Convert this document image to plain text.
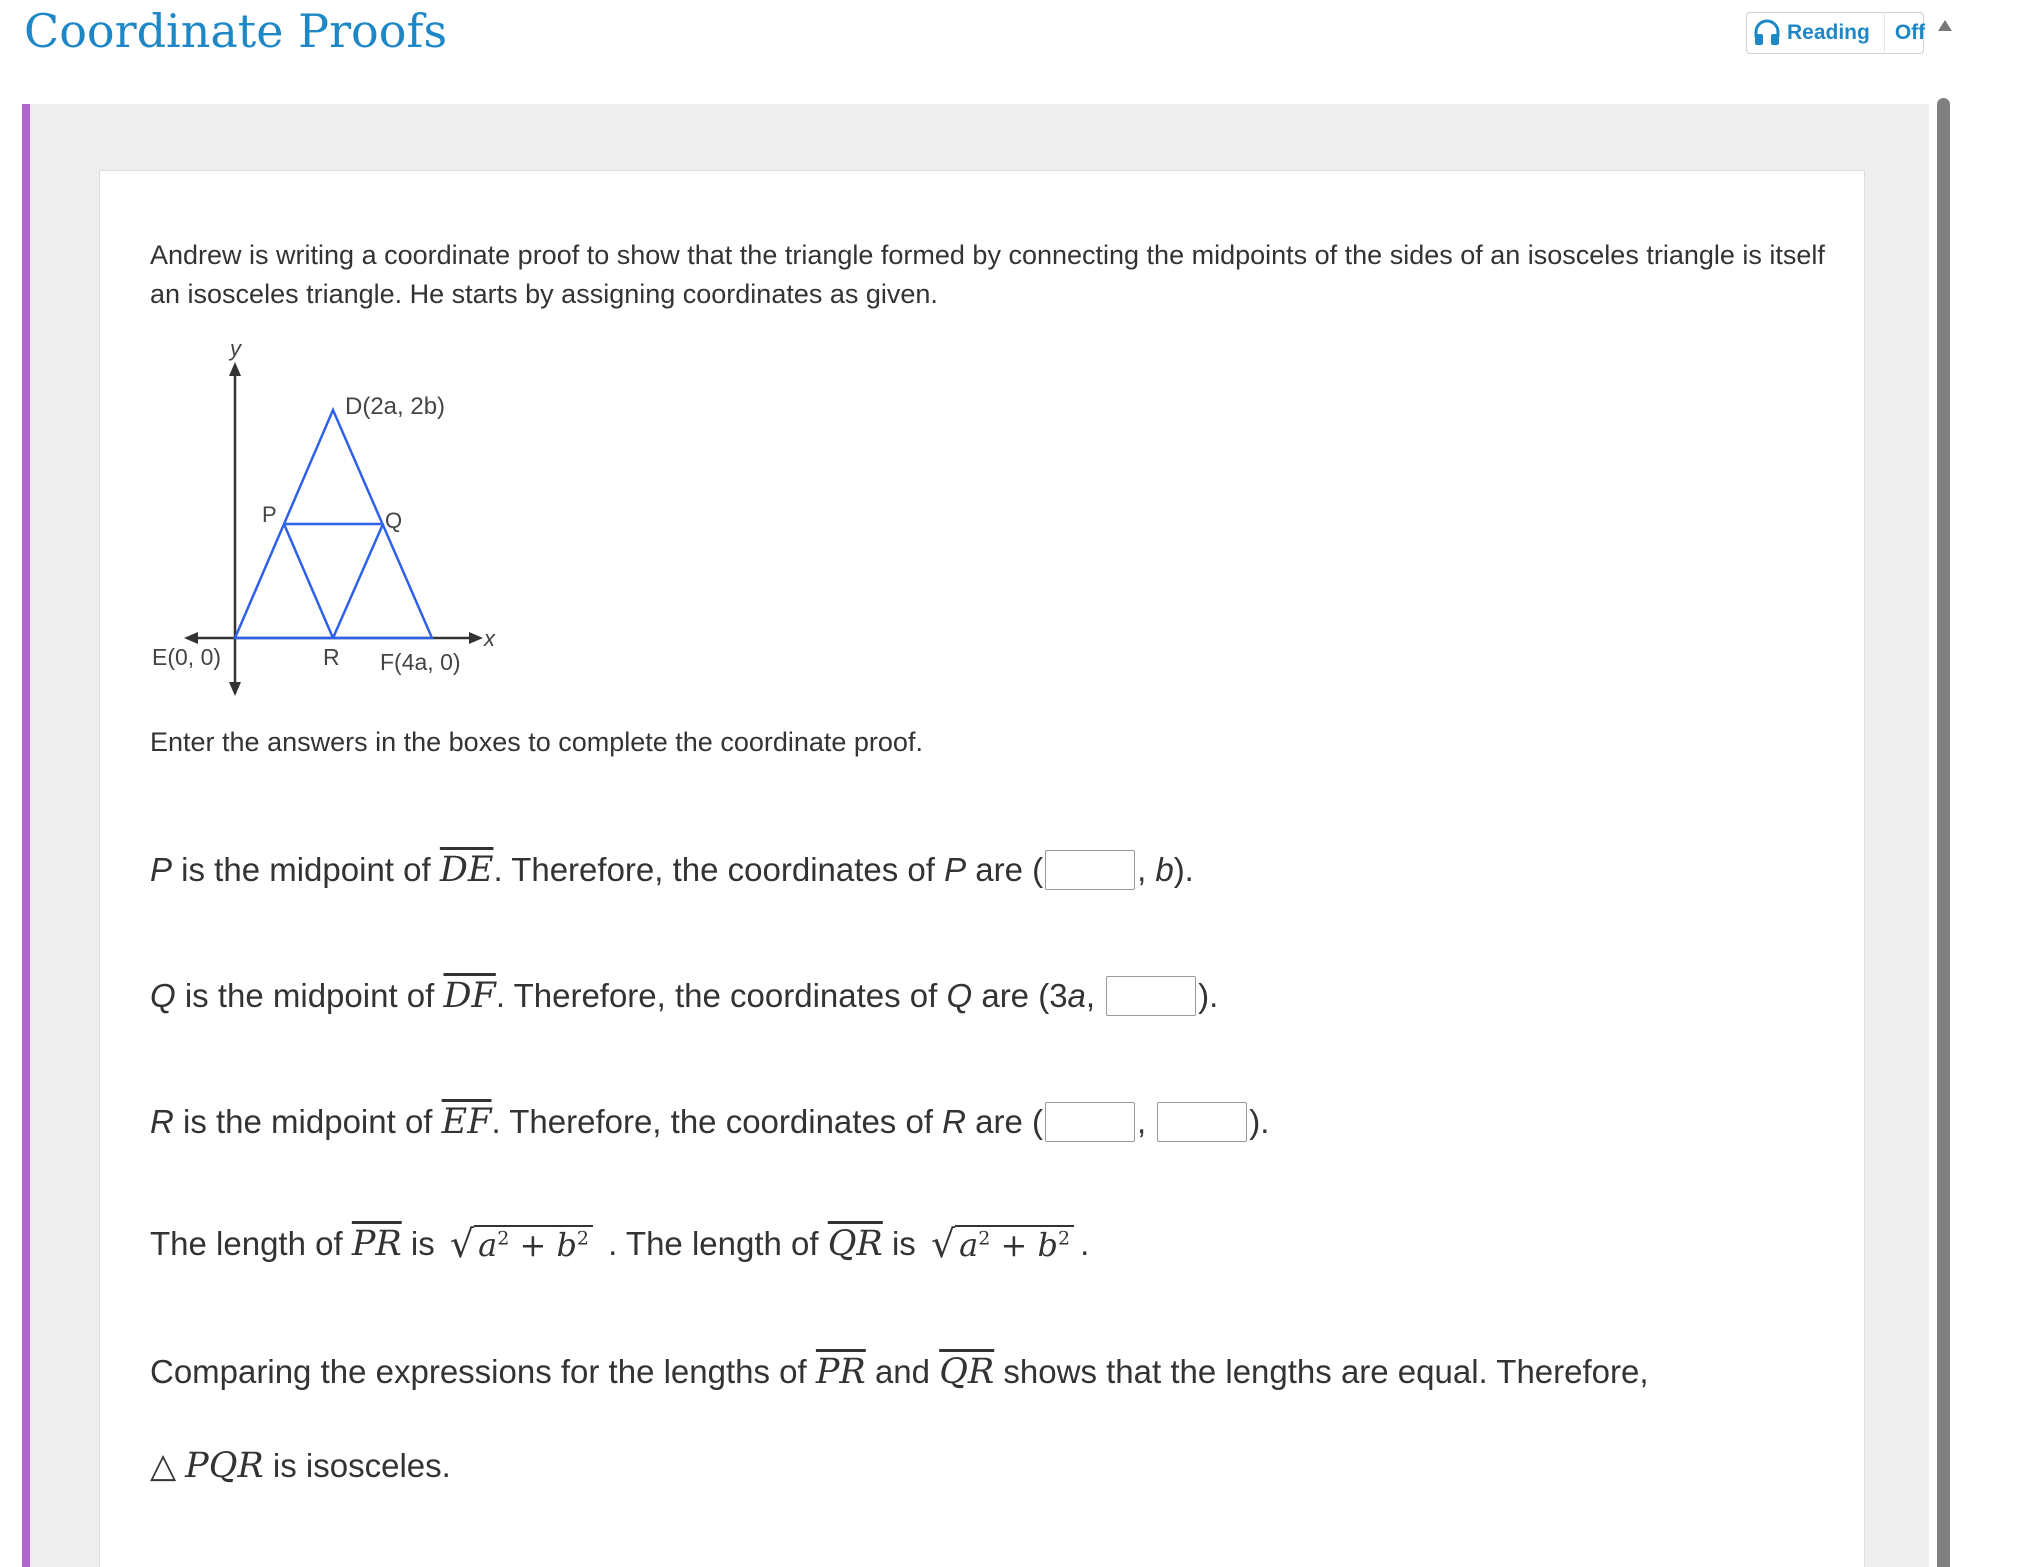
Coordinate Proofs	Reading	Off

Andrew is writing a coordinate proof to show that the triangle formed by connecting the midpoints of the sides of an isosceles triangle is itself an isosceles triangle. He starts by assigning coordinates as given.

y
x
D(2a, 2b)
P	Q
E(0, 0)	R F(4a, 0)

Enter the answers in the boxes to complete the coordinate proof.

P is the midpoint of $\overline{DE}$ . Therefore, the coordinates of P are (	, b ).

Q is the midpoint of $\overline{DF}$ . Therefore, the coordinates of Q are (3 a ,	).

R is the midpoint of $\overline{EF}$ . Therefore, the coordinates of R are (	,	).

The length of $\overline{PR}$ is √ $a^2 + b^2$ . The length of $\overline{QR}$ is √ $a^2 + b^2$ .

Comparing the expressions for the lengths of $\overline{PR}$ and $\overline{QR}$ shows that the lengths are equal. Therefore,

△ PQR is isosceles.
